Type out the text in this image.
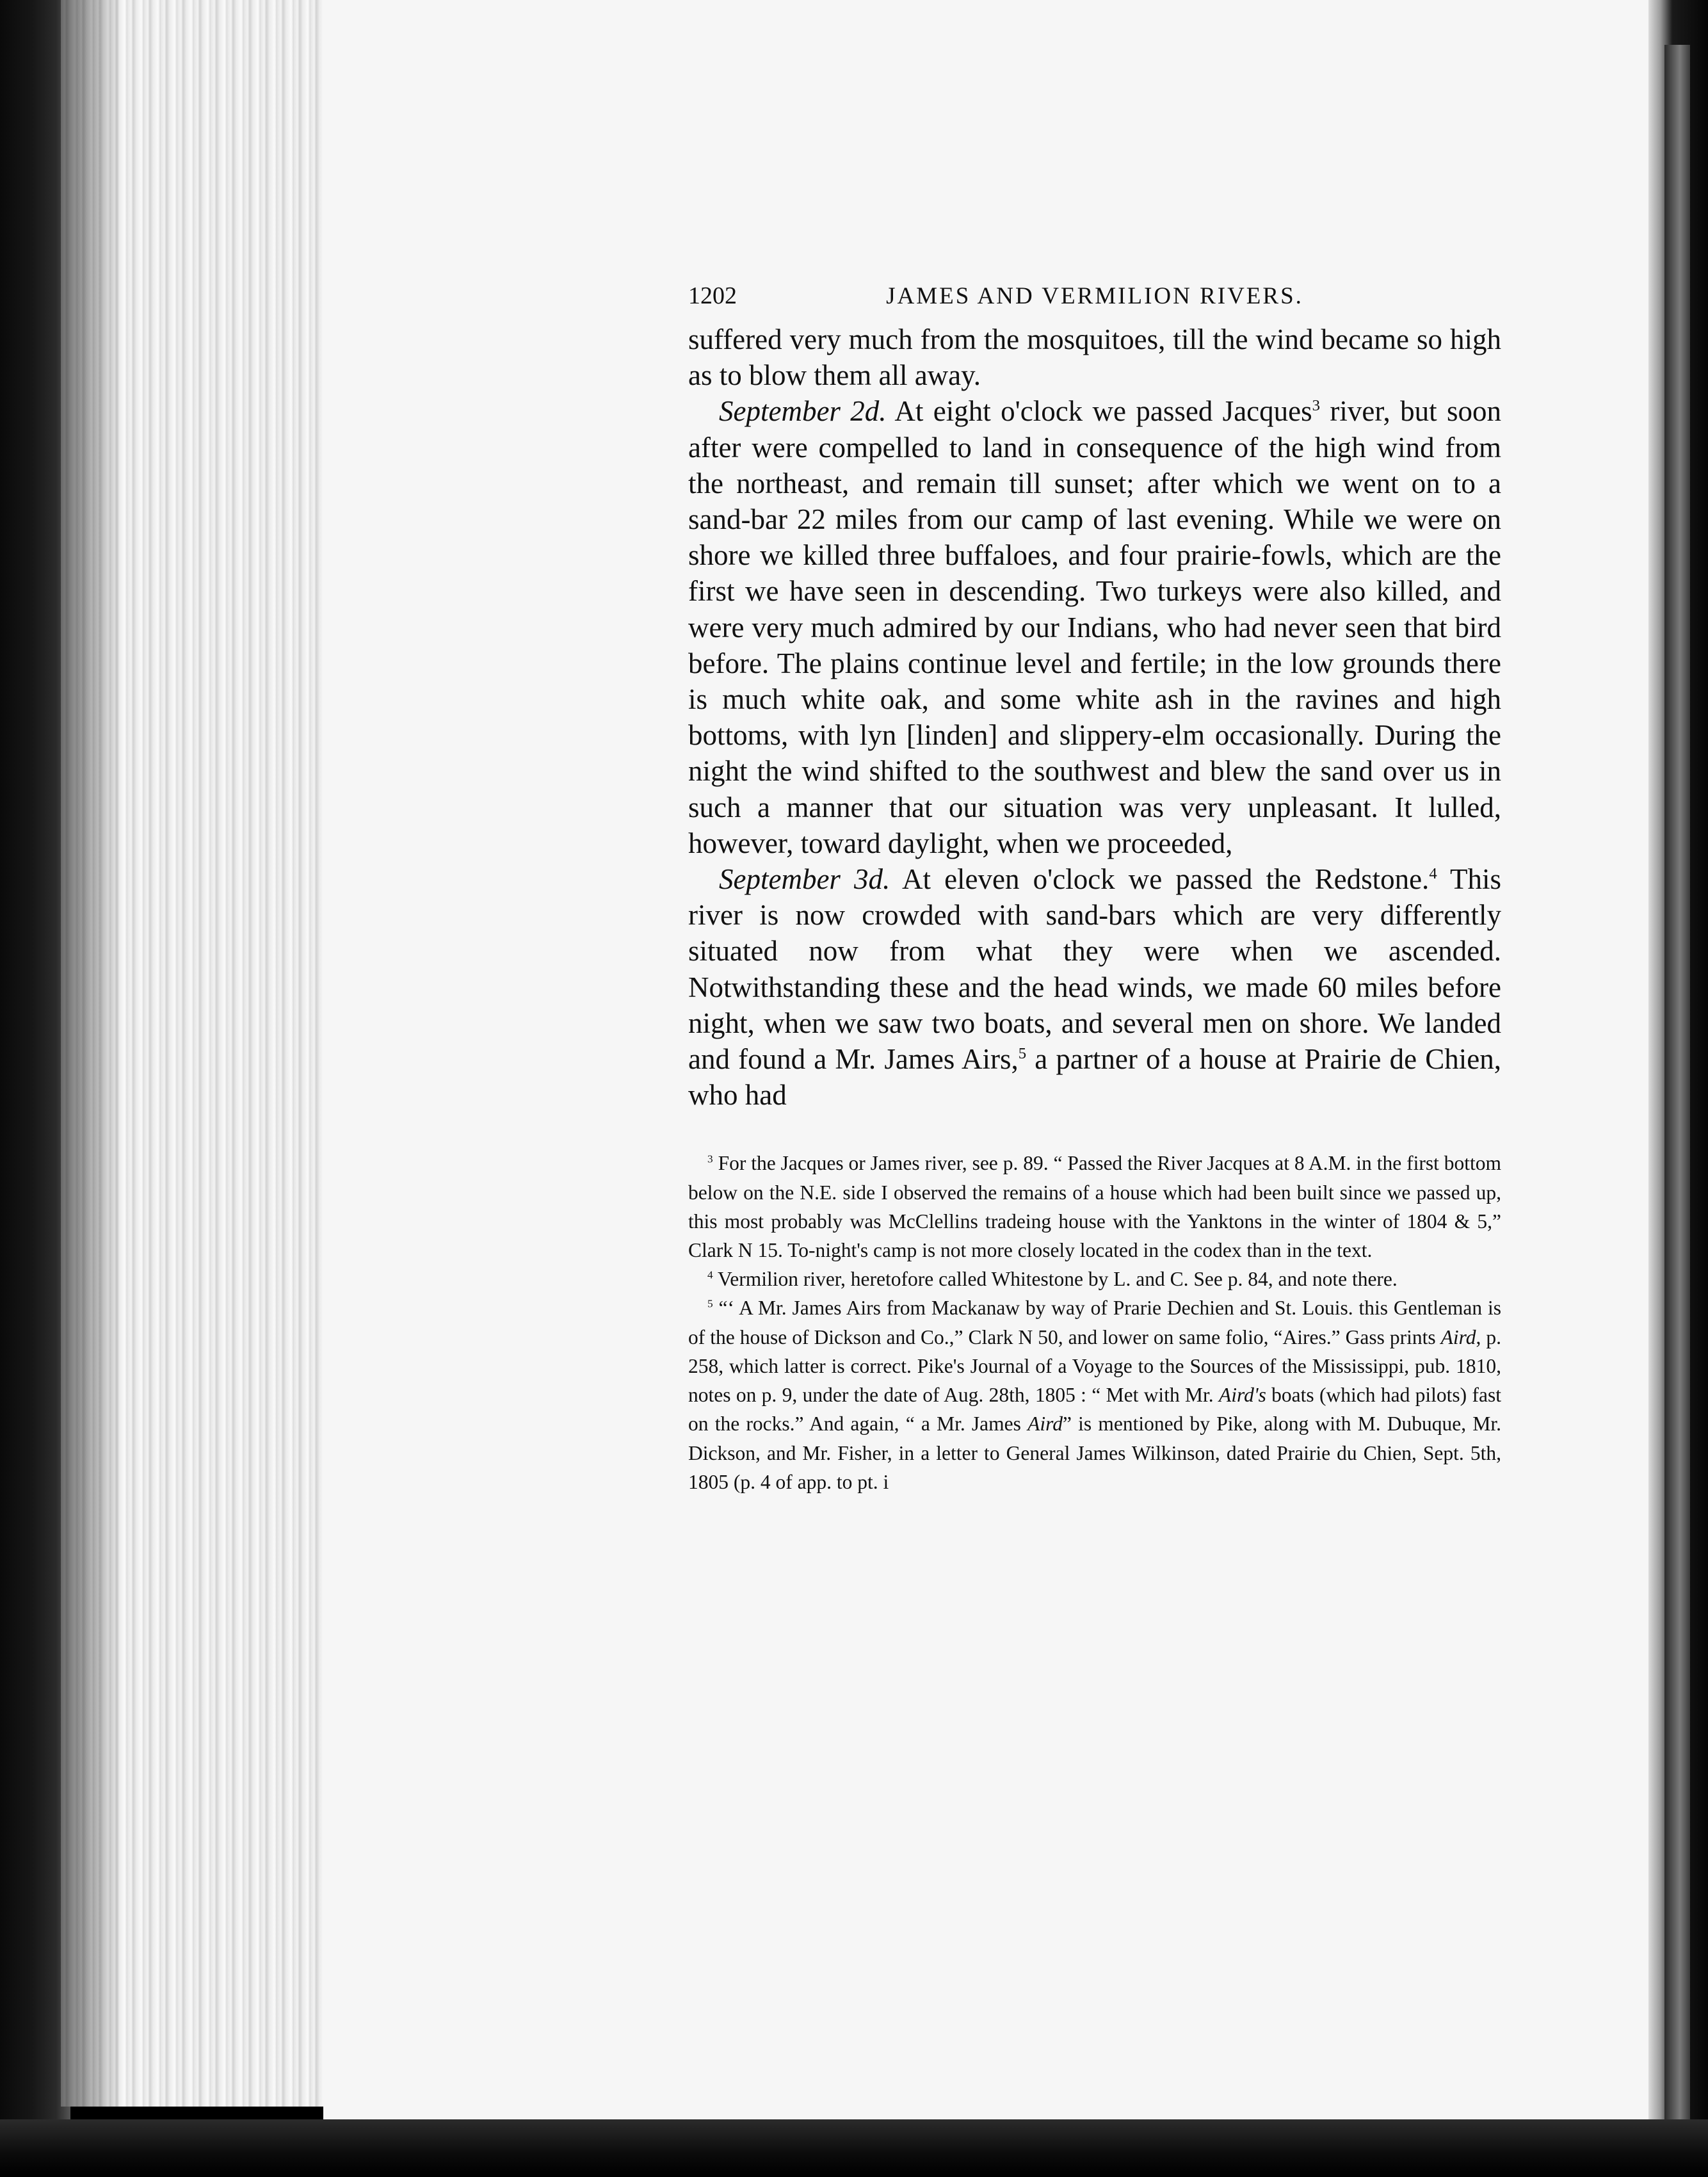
1202	JAMES AND VERMILION RIVERS.

suffered very much from the mosquitoes, till the wind became so high as to blow them all away.

September 2d. At eight o'clock we passed Jacques$^3$ river, but soon after were compelled to land in consequence of the high wind from the northeast, and remain till sunset; after which we went on to a sand-bar 22 miles from our camp of last evening. While we were on shore we killed three buffaloes, and four prairie-fowls, which are the first we have seen in descending. Two turkeys were also killed, and were very much admired by our Indians, who had never seen that bird before. The plains continue level and fertile; in the low grounds there is much white oak, and some white ash in the ravines and high bottoms, with lyn [linden] and slippery-elm occasionally. During the night the wind shifted to the southwest and blew the sand over us in such a manner that our situation was very unpleasant. It lulled, however, toward daylight, when we proceeded,

September 3d. At eleven o'clock we passed the Redstone.$^4$ This river is now crowded with sand-bars which are very differently situated now from what they were when we ascended. Notwithstanding these and the head winds, we made 60 miles before night, when we saw two boats, and several men on shore. We landed and found a Mr. James Airs,$^5$ a partner of a house at Prairie de Chien, who had

$^3$ For the Jacques or James river, see p. 89. “ Passed the River Jacques at 8 A.M. in the first bottom below on the N.E. side I observed the remains of a house which had been built since we passed up, this most probably was McClellins tradeing house with the Yanktons in the winter of 1804 & 5,” Clark N 15. To-night's camp is not more closely located in the codex than in the text.

$^4$ Vermilion river, heretofore called Whitestone by L. and C. See p. 84, and note there.

$^5$ “‘ A Mr. James Airs from Mackanaw by way of Prarie Dechien and St. Louis. this Gentleman is of the house of Dickson and Co.,” Clark N 50, and lower on same folio, “Aires.” Gass prints Aird, p. 258, which latter is correct. Pike's Journal of a Voyage to the Sources of the Mississippi, pub. 1810, notes on p. 9, under the date of Aug. 28th, 1805 : “ Met with Mr. Aird's boats (which had pilots) fast on the rocks.” And again, “ a Mr. James Aird” is mentioned by Pike, along with M. Dubuque, Mr. Dickson, and Mr. Fisher, in a letter to General James Wilkinson, dated Prairie du Chien, Sept. 5th, 1805 (p. 4 of app. to pt. i
